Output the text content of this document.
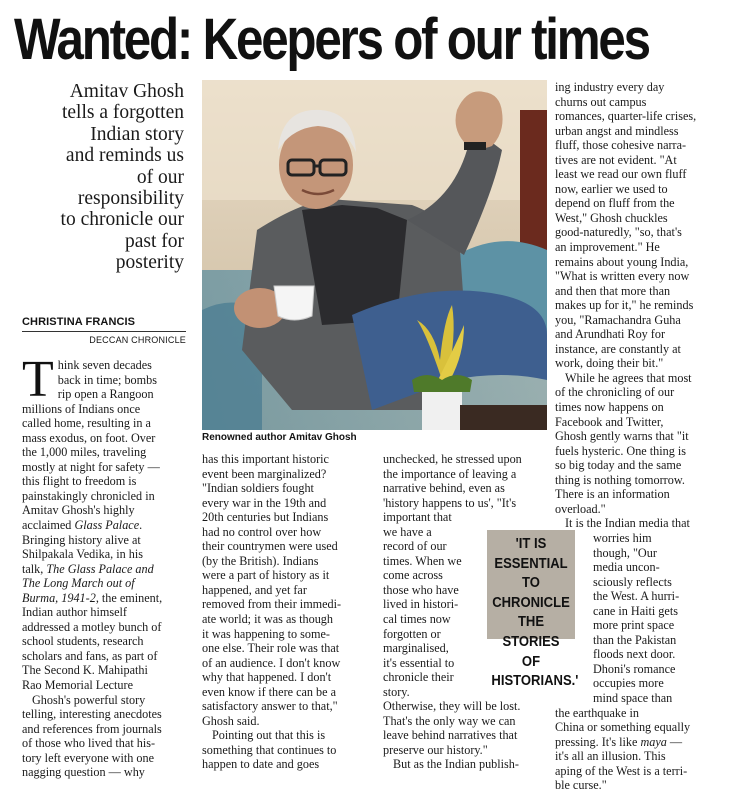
Wanted: Keepers of our times
Amitav Ghosh
tells a forgotten
Indian story
and reminds us
of our
responsibility
to chronicle our
past for
posterity
CHRISTINA FRANCIS
DECCAN CHRONICLE
T hink seven decades
back in time; bombs
rip open a Rangoon
millions of Indians once
called home, resulting in a
mass exodus, on foot. Over
the 1,000 miles, traveling
mostly at night for safety —
this flight to freedom is
painstakingly chronicled in
Amitav Ghosh's highly
acclaimed Glass Palace.
Bringing history alive at
Shilpakala Vedika, in his
talk, The Glass Palace and
The Long March out of
Burma, 1941-2, the eminent,
Indian author himself
addressed a motley bunch of
school students, research
scholars and fans, as part of
The Second K. Mahipathi
Rao Memorial Lecture
Ghosh's powerful story
telling, interesting anecdotes
and references from journals
of those who lived that his-
tory left everyone with one
nagging question — why
Renowned author Amitav Ghosh
has this important historic
event been marginalized?
"Indian soldiers fought
every war in the 19th and
20th centuries but Indians
had no control over how
their countrymen were used
(by the British). Indians
were a part of history as it
happened, and yet far
removed from their immedi-
ate world; it was as though
it was happening to some-
one else. Their role was that
of an audience. I don't know
why that happened. I don't
even know if there can be a
satisfactory answer to that,"
Ghosh said.
Pointing out that this is
something that continues to
happen to date and goes
unchecked, he stressed upon
the importance of leaving a
narrative behind, even as
'history happens to us', "It's
important that
we have a
record of our
times. When we
come across
those who have
lived in histori-
cal times now
forgotten or
marginalised,
it's essential to
chronicle their
story.
Otherwise, they will be lost.
That's the only way we can
leave behind narratives that
preserve our history."
But as the Indian publish-
'IT IS
ESSENTIAL TO
CHRONICLE
THE STORIES
OF
HISTORIANS.'
ing industry every day
churns out campus
romances, quarter-life crises,
urban angst and mindless
fluff, those cohesive narra-
tives are not evident. "At
least we read our own fluff
now, earlier we used to
depend on fluff from the
West," Ghosh chuckles
good-naturedly, "so, that's
an improvement." He
remains about young India,
"What is written every now
and then that more than
makes up for it," he reminds
you, "Ramachandra Guha
and Arundhati Roy for
instance, are constantly at
work, doing their bit."
While he agrees that most
of the chronicling of our
times now happens on
Facebook and Twitter,
Ghosh gently warns that "it
fuels hysteric. One thing is
so big today and the same
thing is nothing tomorrow.
There is an information
overload."
It is the Indian media that
worries him
though, "Our
media uncon-
sciously reflects
the West. A hurri-
cane in Haiti gets
more print space
than the Pakistan
floods next door.
Dhoni's romance
occupies more
mind space than
the earthquake in
China or something equally
pressing. It's like maya —
it's all an illusion. This
aping of the West is a terri-
ble curse."
